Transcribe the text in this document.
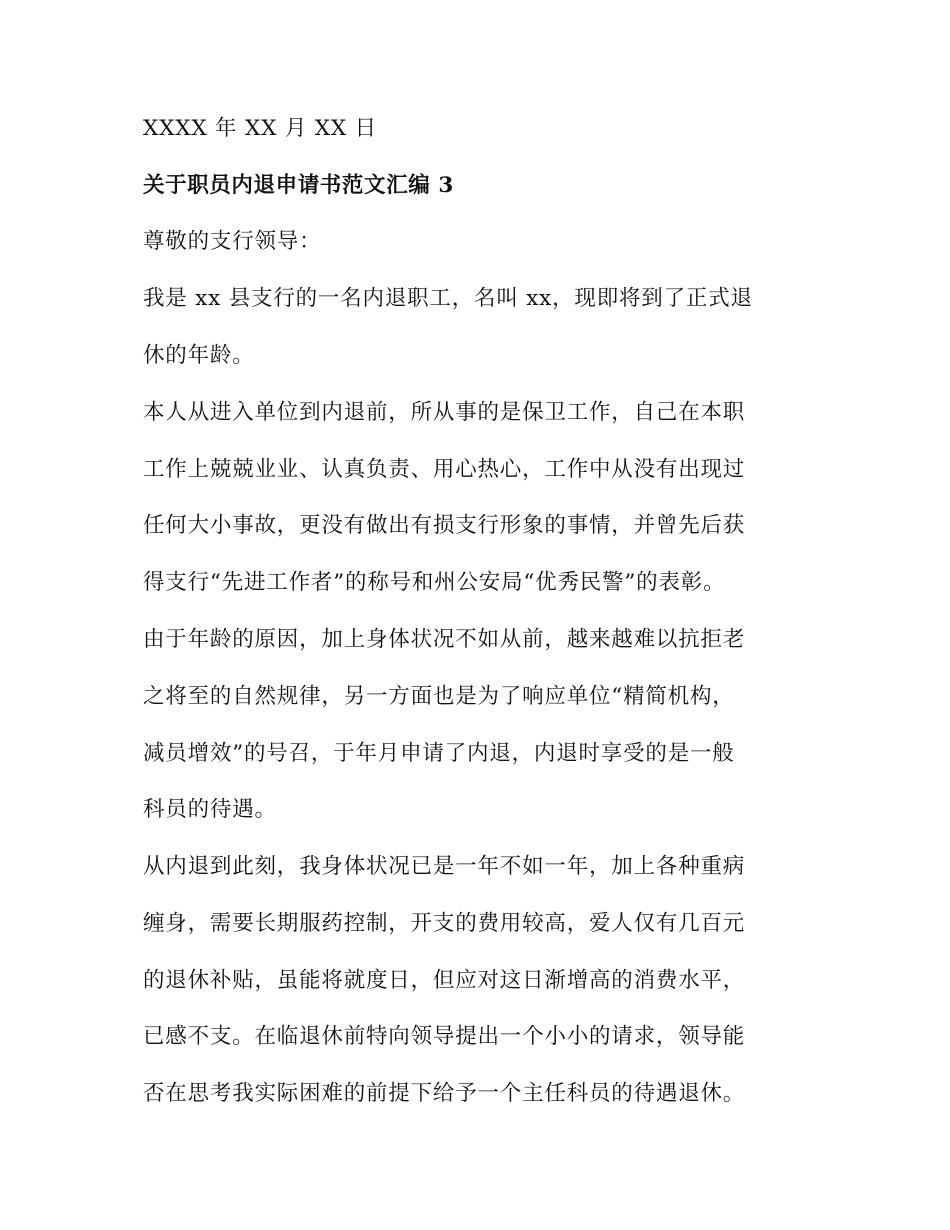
XXXX 年 XX 月 XX 日
关于职员内退申请书范文汇编 3
尊敬的支行领导：
我是 xx 县支行的一名内退职工，名叫 xx，现即将到了正式退
休的年龄。
本人从进入单位到内退前，所从事的是保卫工作，自己在本职
工作上兢兢业业、认真负责、用心热心，工作中从没有出现过
任何大小事故，更没有做出有损支行形象的事情，并曾先后获
得支行“先进工作者”的称号和州公安局“优秀民警”的表彰。
由于年龄的原因，加上身体状况不如从前，越来越难以抗拒老
之将至的自然规律，另一方面也是为了响应单位“精简机构，
减员增效”的号召，于年月申请了内退，内退时享受的是一般
科员的待遇。
从内退到此刻，我身体状况已是一年不如一年，加上各种重病
缠身，需要长期服药控制，开支的费用较高，爱人仅有几百元
的退休补贴，虽能将就度日，但应对这日渐增高的消费水平，
已感不支。在临退休前特向领导提出一个小小的请求，领导能
否在思考我实际困难的前提下给予一个主任科员的待遇退休。
